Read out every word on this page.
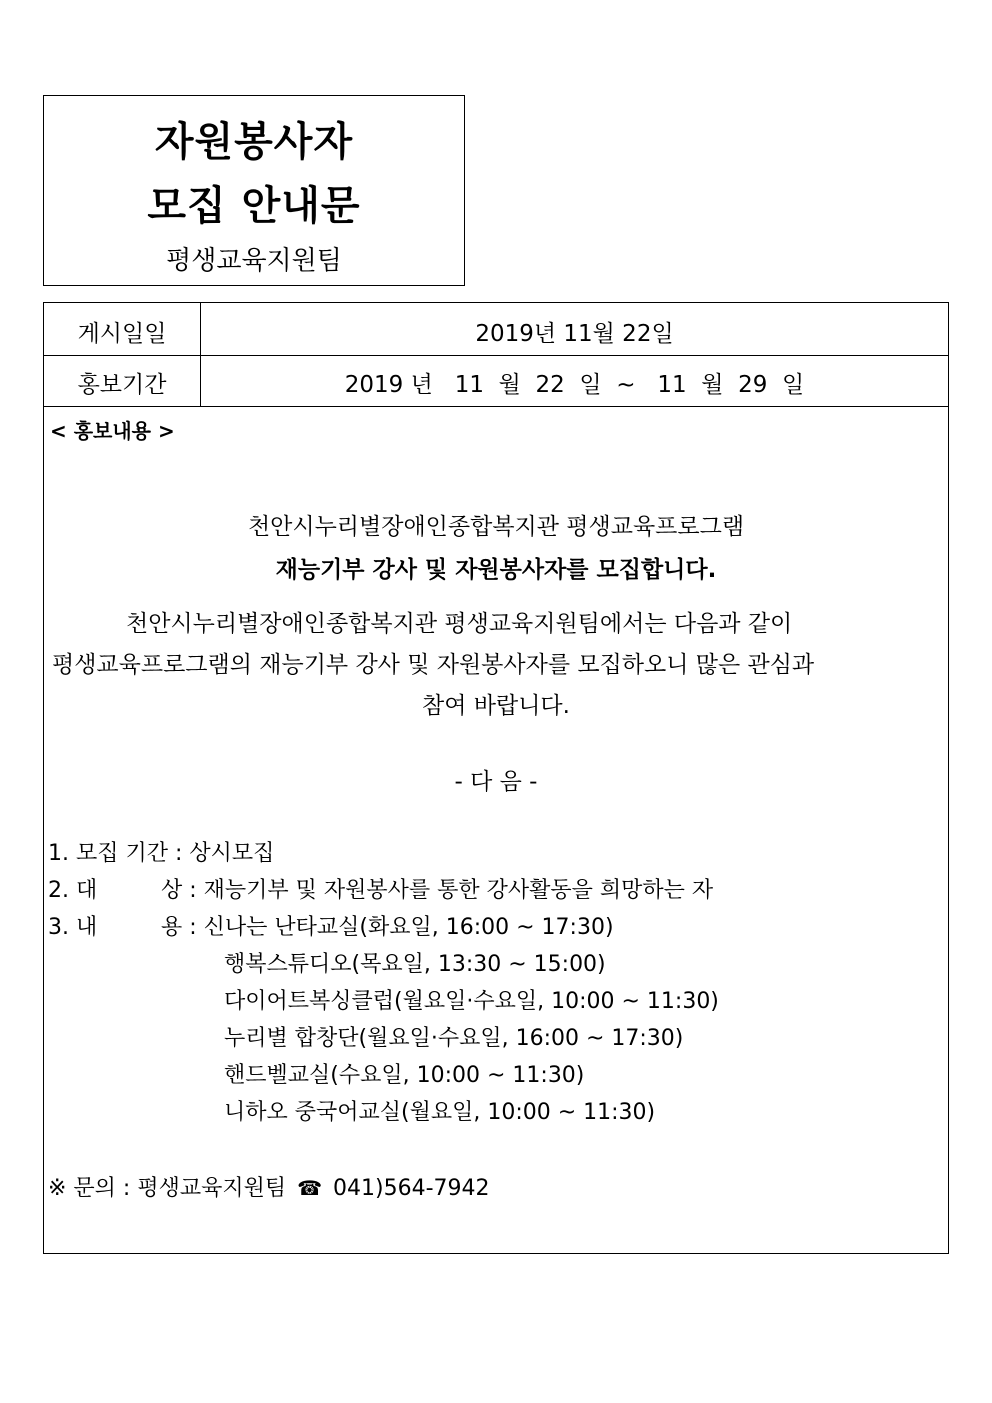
자원봉사자
모집 안내문
평생교육지원팀
게시일일	2019년 11월 22일
홍보기간	2019 년   11  월  22  일  ~   11  월  29  일
< 홍보내용 >
천안시누리별장애인종합복지관 평생교육프로그램
재능기부 강사 및 자원봉사자를 모집합니다.
천안시누리별장애인종합복지관 평생교육지원팀에서는 다음과 같이
평생교육프로그램의 재능기부 강사 및 자원봉사자를 모집하오니 많은 관심과
참여 바랍니다.
- 다 음 -
1. 모집 기간 : 상시모집
2. 대	상 : 재능기부 및 자원봉사를 통한 강사활동을 희망하는 자
3. 내	용 : 신나는 난타교실(화요일, 16:00 ~ 17:30)
행복스튜디오(목요일, 13:30 ~ 15:00)
다이어트복싱클럽(월요일·수요일, 10:00 ~ 11:30)
누리별 합창단(월요일·수요일, 16:00 ~ 17:30)
핸드벨교실(수요일, 10:00 ~ 11:30)
니하오 중국어교실(월요일, 10:00 ~ 11:30)
※ 문의 : 평생교육지원팀 ☎ 041)564-7942
